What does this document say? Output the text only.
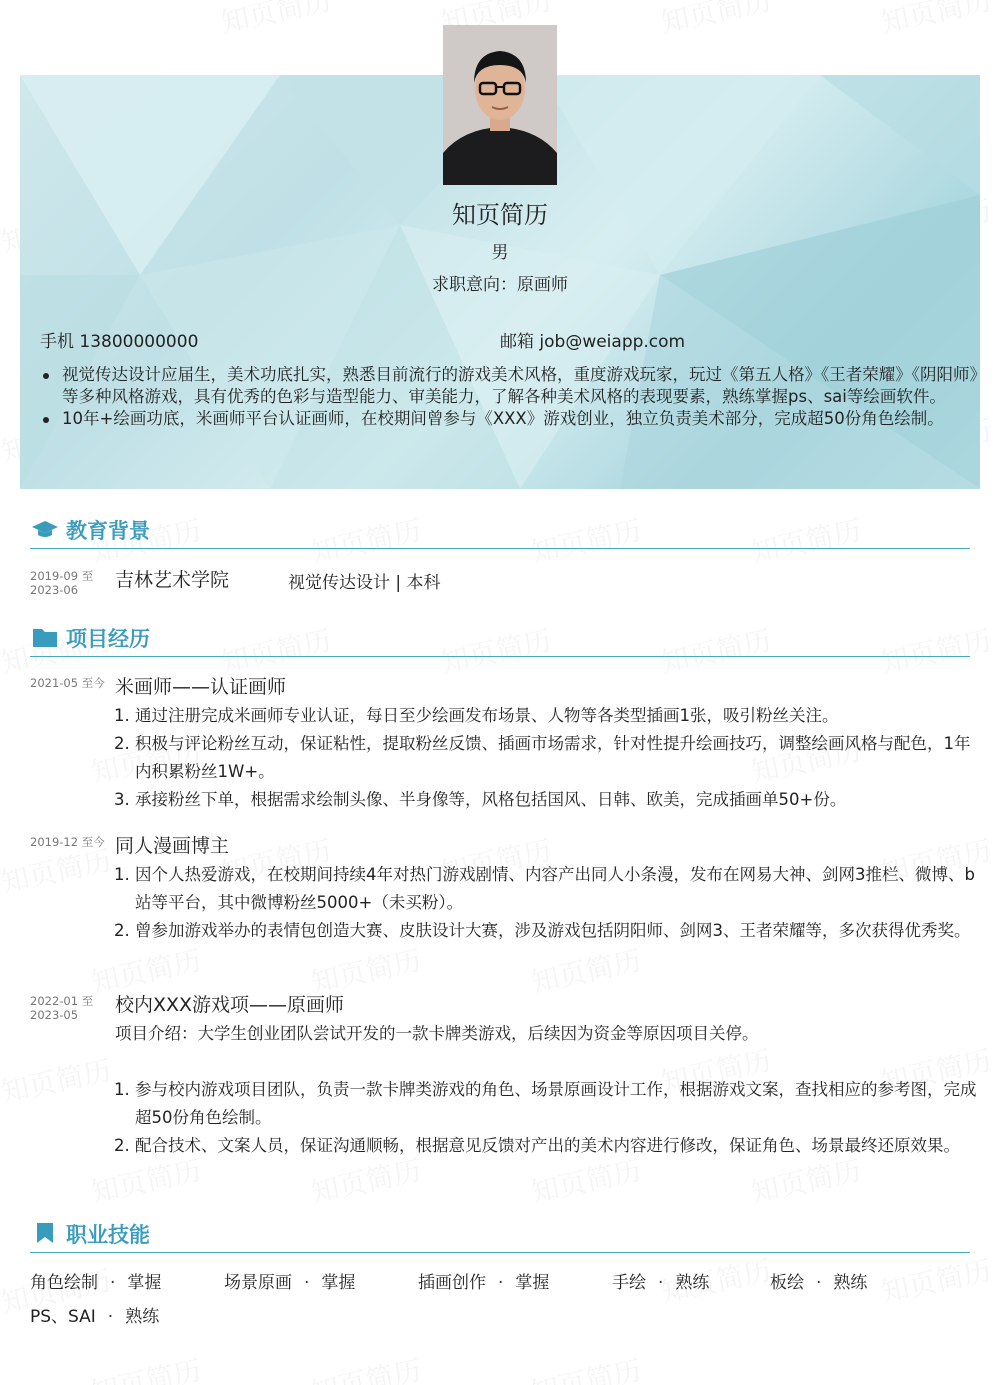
知页简历
男
求职意向：原画师
手机 13800000000	邮箱 job@weiapp.com
视觉传达设计应届生，美术功底扎实，熟悉目前流行的游戏美术风格，重度游戏玩家，玩过《第五人格》《王者荣耀》《阴阳师》等多种风格游戏，具有优秀的色彩与造型能力、审美能力，了解各种美术风格的表现要素，熟练掌握ps、sai等绘画软件。
10年+绘画功底，米画师平台认证画师，在校期间曾参与《XXX》游戏创业，独立负责美术部分，完成超50份角色绘制。
教育背景
2019-09 至
2023-06	吉林艺术学院	视觉传达设计 | 本科
项目经历
2021-05 至今 米画师——认证画师
1. 通过注册完成米画师专业认证，每日至少绘画发布场景、人物等各类型插画1张，吸引粉丝关注。
2. 积极与评论粉丝互动，保证粘性，提取粉丝反馈、插画市场需求，针对性提升绘画技巧，调整绘画风格与配色，1年内积累粉丝1W+。
3. 承接粉丝下单，根据需求绘制头像、半身像等，风格包括国风、日韩、欧美，完成插画单50+份。
2019-12 至今 同人漫画博主
1. 因个人热爱游戏，在校期间持续4年对热门游戏剧情、内容产出同人小条漫，发布在网易大神、剑网3推栏、微博、b站等平台，其中微博粉丝5000+（未买粉）。
2. 曾参加游戏举办的表情包创造大赛、皮肤设计大赛，涉及游戏包括阴阳师、剑网3、王者荣耀等，多次获得优秀奖。
2022-01 至
2023-05	校内XXX游戏项——原画师
项目介绍：大学生创业团队尝试开发的一款卡牌类游戏，后续因为资金等原因项目关停。
1. 参与校内游戏项目团队，负责一款卡牌类游戏的角色、场景原画设计工作，根据游戏文案，查找相应的参考图，完成超50份角色绘制。
2. 配合技术、文案人员，保证沟通顺畅，根据意见反馈对产出的美术内容进行修改，保证角色、场景最终还原效果。
职业技能
角色绘制 · 掌握	场景原画 · 掌握	插画创作 · 掌握	手绘 · 熟练	板绘 · 熟练
PS、SAI · 熟练
